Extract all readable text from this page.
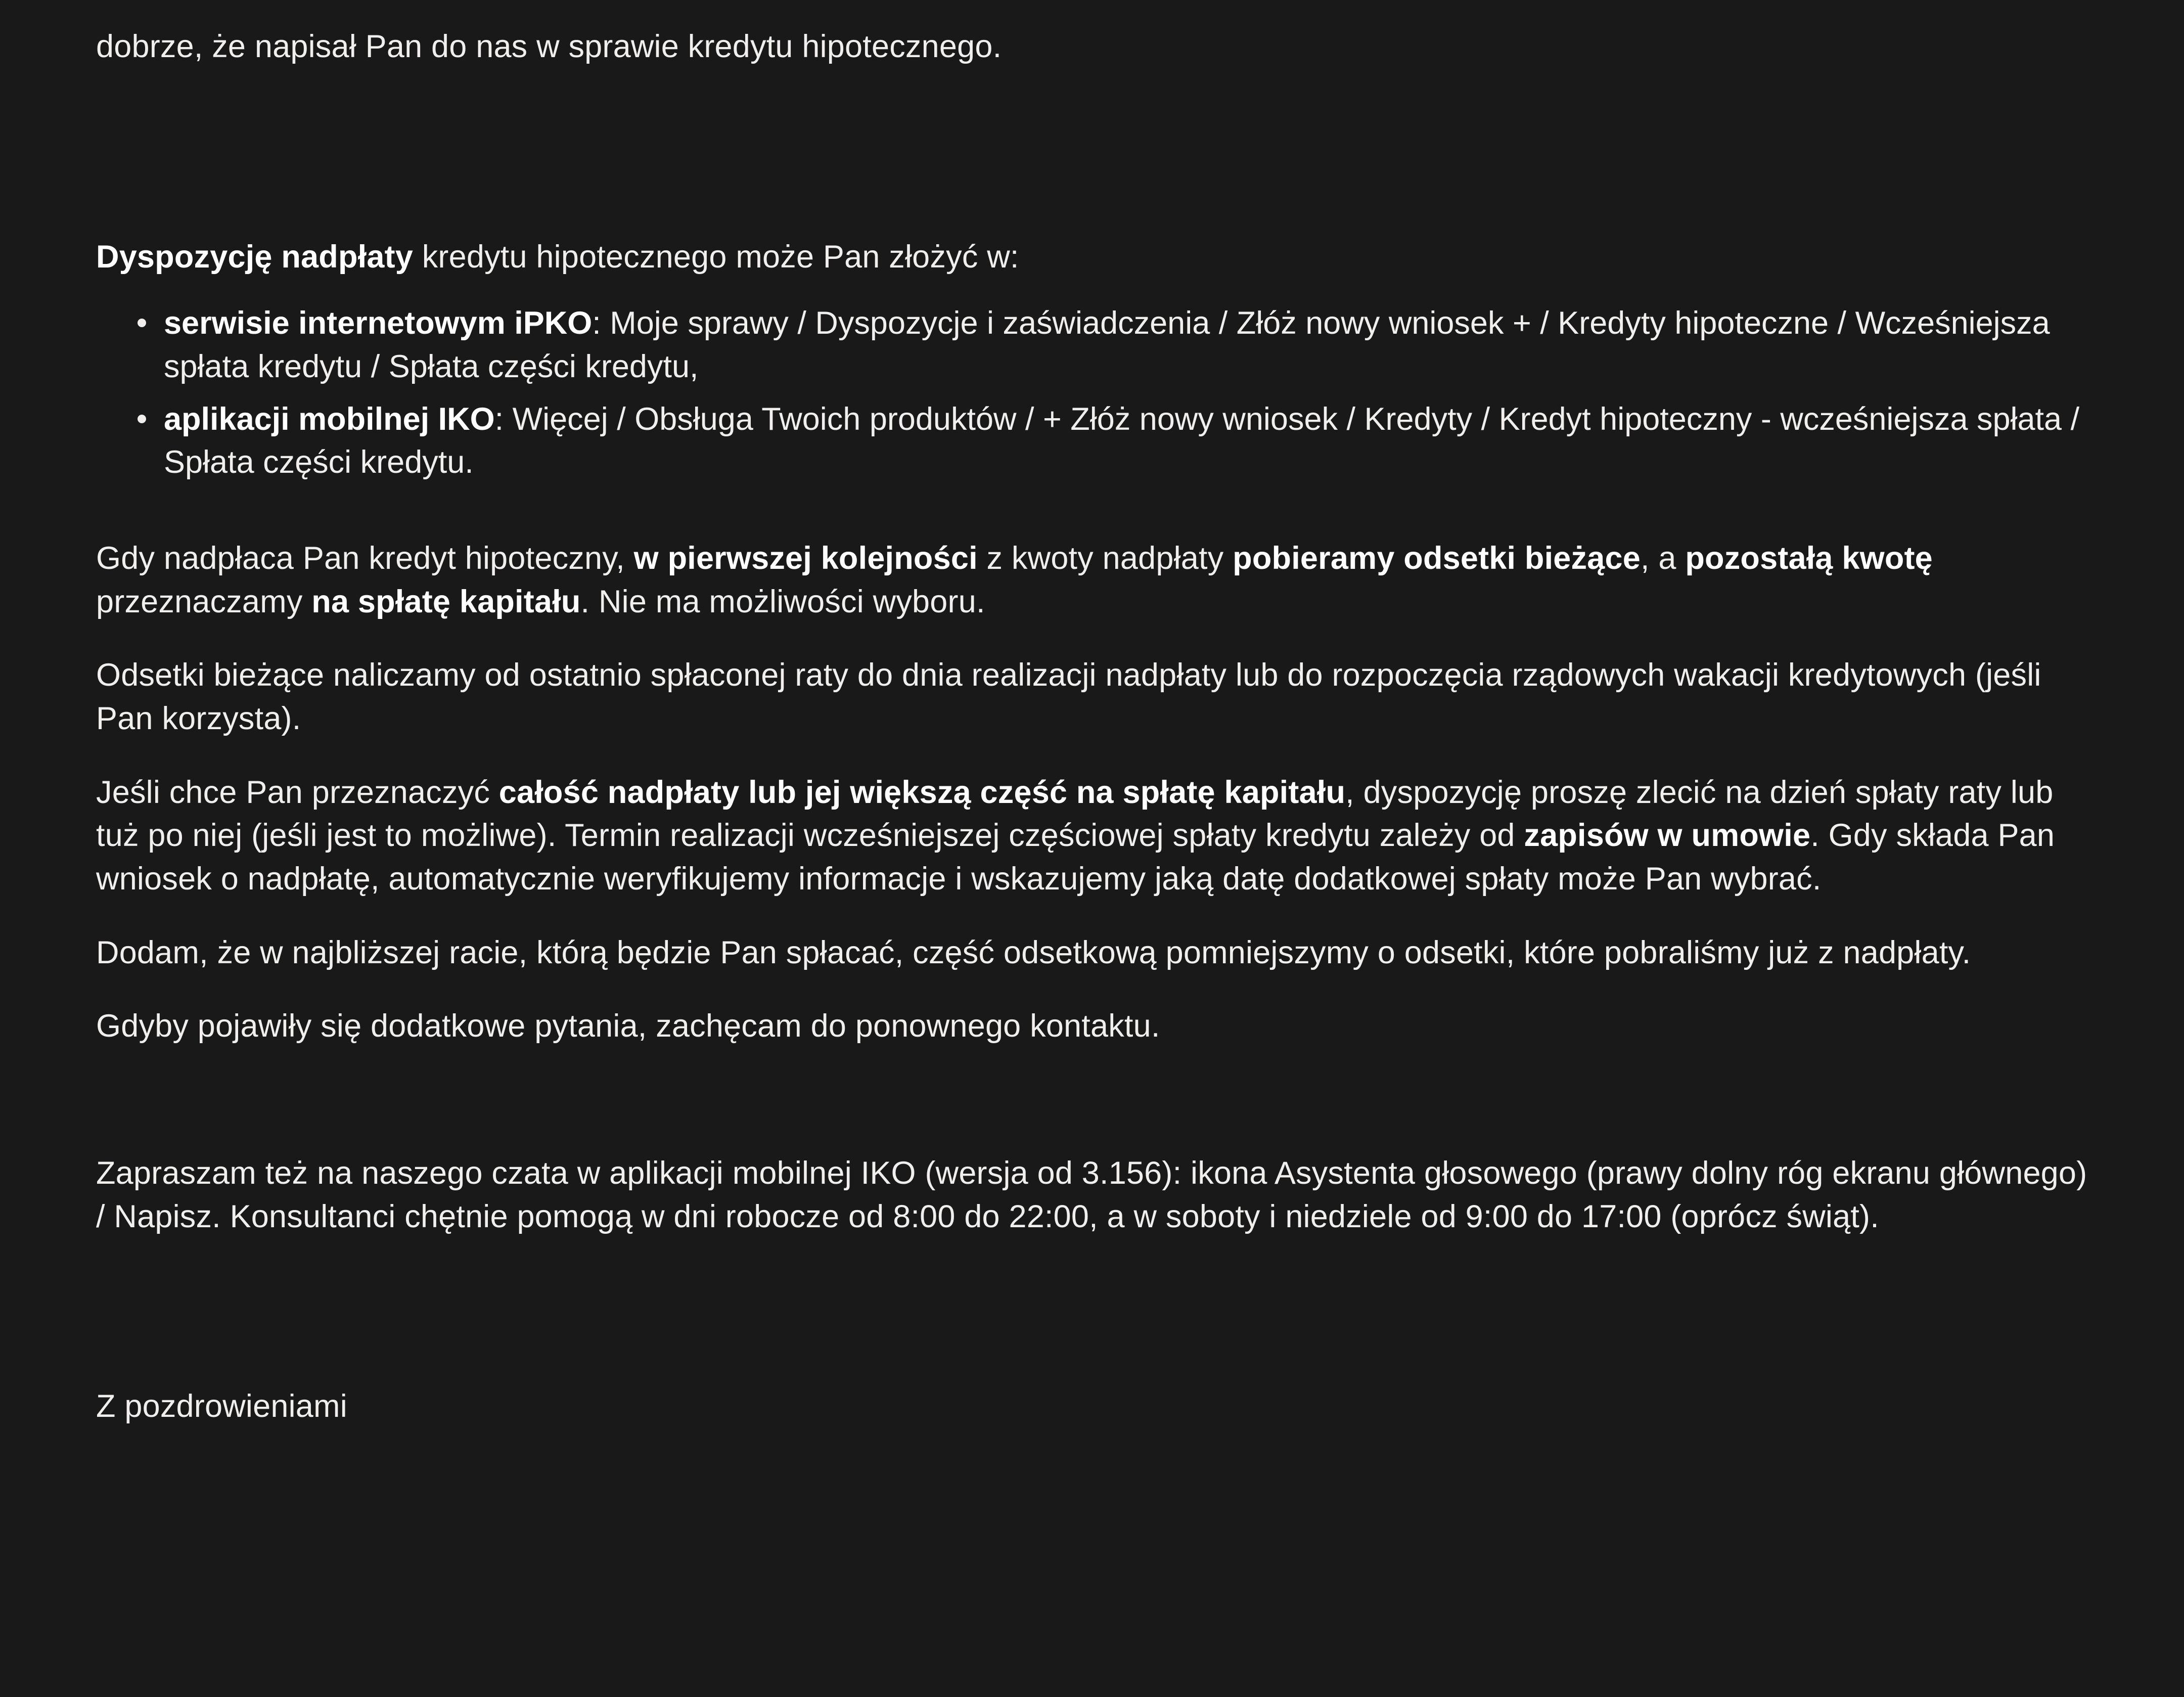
dobrze, że napisał Pan do nas w sprawie kredytu hipotecznego.

Dyspozycję nadpłaty kredytu hipotecznego może Pan złożyć w:

serwisie internetowym iPKO: Moje sprawy / Dyspozycje i zaświadczenia / Złóż nowy wniosek + / Kredyty hipoteczne / Wcześniejsza spłata kredytu / Spłata części kredytu,
aplikacji mobilnej IKO: Więcej / Obsługa Twoich produktów / + Złóż nowy wniosek / Kredyty / Kredyt hipoteczny - wcześniejsza spłata / Spłata części kredytu.

Gdy nadpłaca Pan kredyt hipoteczny, w pierwszej kolejności z kwoty nadpłaty pobieramy odsetki bieżące, a pozostałą kwotę przeznaczamy na spłatę kapitału. Nie ma możliwości wyboru.

Odsetki bieżące naliczamy od ostatnio spłaconej raty do dnia realizacji nadpłaty lub do rozpoczęcia rządowych wakacji kredytowych (jeśli Pan korzysta).

Jeśli chce Pan przeznaczyć całość nadpłaty lub jej większą część na spłatę kapitału, dyspozycję proszę zlecić na dzień spłaty raty lub tuż po niej (jeśli jest to możliwe). Termin realizacji wcześniejszej częściowej spłaty kredytu zależy od zapisów w umowie. Gdy składa Pan wniosek o nadpłatę, automatycznie weryfikujemy informacje i wskazujemy jaką datę dodatkowej spłaty może Pan wybrać.

Dodam, że w najbliższej racie, którą będzie Pan spłacać, część odsetkową pomniejszymy o odsetki, które pobraliśmy już z nadpłaty.

Gdyby pojawiły się dodatkowe pytania, zachęcam do ponownego kontaktu.

Zapraszam też na naszego czata w aplikacji mobilnej IKO (wersja od 3.156): ikona Asystenta głosowego (prawy dolny róg ekranu głównego) / Napisz. Konsultanci chętnie pomogą w dni robocze od 8:00 do 22:00, a w soboty i niedziele od 9:00 do 17:00 (oprócz świąt).

Z pozdrowieniami
